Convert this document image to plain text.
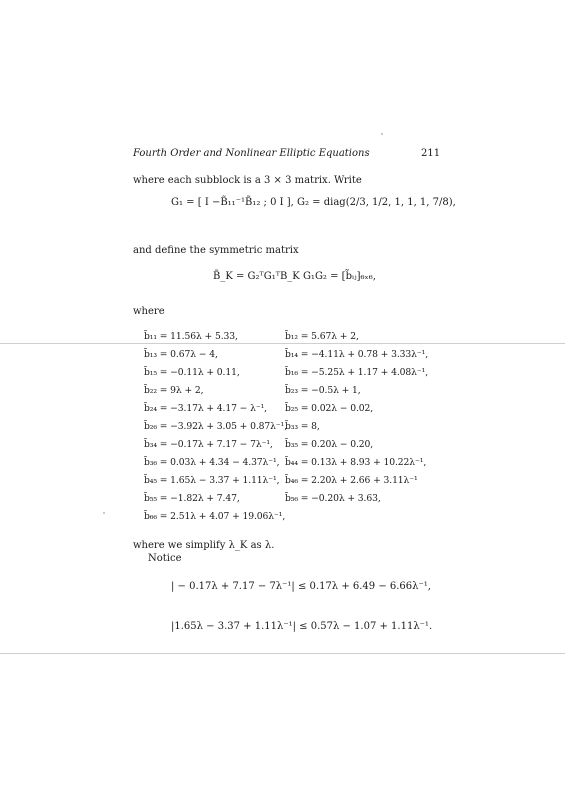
Fourth Order and Nonlinear Elliptic Equations	211
where each subblock is a 3 × 3 matrix. Write
G₁ = [ I −B̃₁₁⁻¹B̃₁₂ ; 0 I ], G₂ = diag(2/3, 1/2, 1, 1, 1, 7/8),
and define the symmetric matrix
B̃_K = G₂ᵀG₁ᵀB_K G₁G₂ = [b̃ᵢⱼ]₆ₓ₆,
where
b̃₁₁ = 11.56λ + 5.33,
b̃₁₃ = 0.67λ − 4,
b̃₁₅ = −0.11λ + 0.11,
b̃₂₂ = 9λ + 2,
b̃₂₄ = −3.17λ + 4.17 − λ⁻¹,
b̃₂₆ = −3.92λ + 3.05 + 0.87λ⁻¹,
b̃₃₄ = −0.17λ + 7.17 − 7λ⁻¹,
b̃₃₆ = 0.03λ + 4.34 − 4.37λ⁻¹,
b̃₄₅ = 1.65λ − 3.37 + 1.11λ⁻¹,
b̃₅₅ = −1.82λ + 7.47,
b̃₆₆ = 2.51λ + 4.07 + 19.06λ⁻¹,
b̃₁₂ = 5.67λ + 2,
b̃₁₄ = −4.11λ + 0.78 + 3.33λ⁻¹,
b̃₁₆ = −5.25λ + 1.17 + 4.08λ⁻¹,
b̃₂₃ = −0.5λ + 1,
b̃₂₅ = 0.02λ − 0.02,
b̃₃₃ = 8,
b̃₃₅ = 0.20λ − 0.20,
b̃₄₄ = 0.13λ + 8.93 + 10.22λ⁻¹,
b̃₄₆ = 2.20λ + 2.66 + 3.11λ⁻¹
b̃₅₆ = −0.20λ + 3.63,
where we simplify λ_K as λ.
Notice
| − 0.17λ + 7.17 − 7λ⁻¹| ≤ 0.17λ + 6.49 − 6.66λ⁻¹,
|1.65λ − 3.37 + 1.11λ⁻¹| ≤ 0.57λ − 1.07 + 1.11λ⁻¹.
